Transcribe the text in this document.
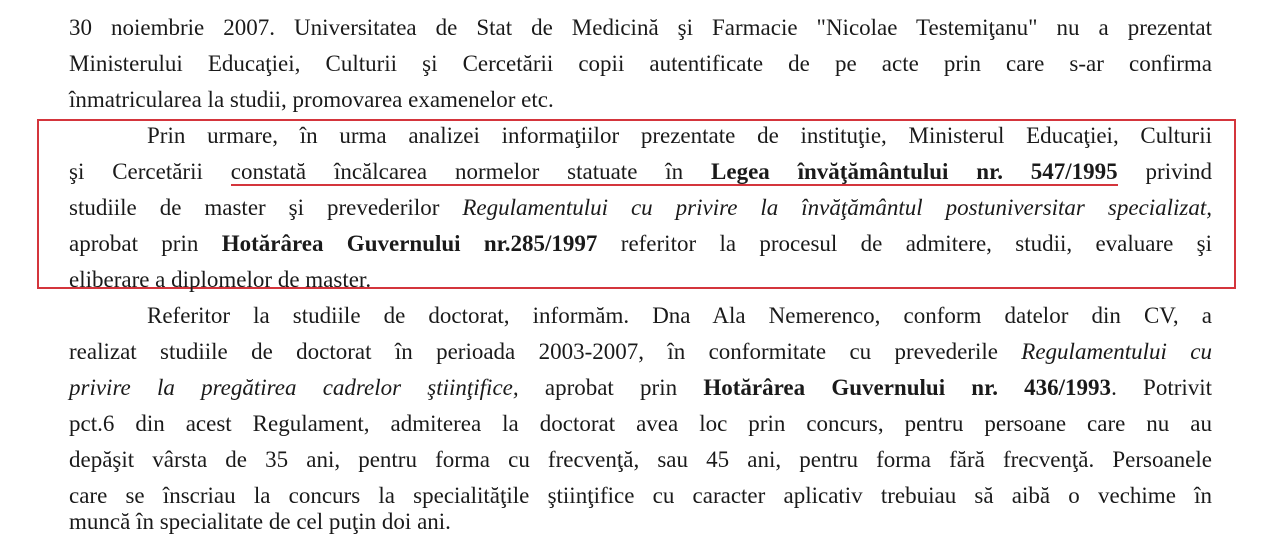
30 noiembrie 2007. Universitatea de Stat de Medicină şi Farmacie "Nicolae Testemiţanu" nu a prezentat
Ministerului Educaţiei, Culturii şi Cercetării copii autentificate de pe acte prin care s-ar confirma
înmatricularea la studii, promovarea examenelor etc.
Prin urmare, în urma analizei informaţiilor prezentate de instituţie, Ministerul Educaţiei, Culturii
şi Cercetării constată încălcarea normelor statuate în Legea învăţământului nr. 547/1995 privind
studiile de master şi prevederilor Regulamentului cu privire la învăţământul postuniversitar specializat,
aprobat prin Hotărârea Guvernului nr.285/1997 referitor la procesul de admitere, studii, evaluare şi
eliberare a diplomelor de master.
Referitor la studiile de doctorat, informăm. Dna Ala Nemerenco, conform datelor din CV, a
realizat studiile de doctorat în perioada 2003-2007, în conformitate cu prevederile Regulamentului cu
privire la pregătirea cadrelor ştiinţifice, aprobat prin Hotărârea Guvernului nr. 436/1993. Potrivit
pct.6 din acest Regulament, admiterea la doctorat avea loc prin concurs, pentru persoane care nu au
depăşit vârsta de 35 ani, pentru forma cu frecvenţă, sau 45 ani, pentru forma fără frecvenţă. Persoanele
care se înscriau la concurs la specialităţile ştiinţifice cu caracter aplicativ trebuiau să aibă o vechime în
muncă în specialitate de cel puţin doi ani.
